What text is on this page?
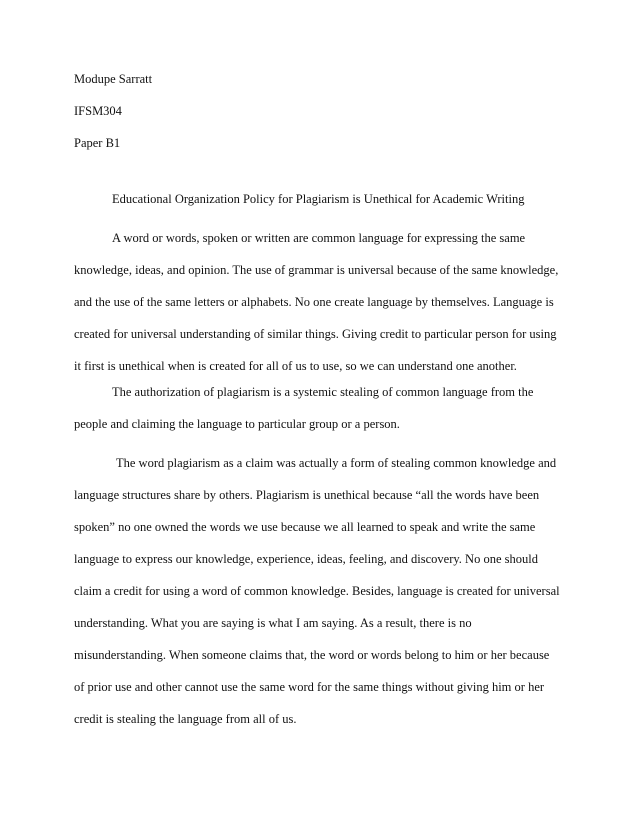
Modupe Sarratt
IFSM304
Paper B1
Educational Organization Policy for Plagiarism is Unethical for Academic Writing
A word or words, spoken or written are common language for expressing the same
knowledge, ideas, and opinion. The use of grammar is universal because of the same knowledge,
and the use of the same letters or alphabets. No one create language by themselves. Language is
created for universal understanding of similar things. Giving credit to particular person for using
it first is unethical when is created for all of us to use, so we can understand one another.
The authorization of plagiarism is a systemic stealing of common language from the
people and claiming the language to particular group or a person.
The word plagiarism as a claim was actually a form of stealing common knowledge and
language structures share by others. Plagiarism is unethical because “all the words have been
spoken” no one owned the words we use because we all learned to speak and write the same
language to express our knowledge, experience, ideas, feeling, and discovery. No one should
claim a credit for using a word of common knowledge. Besides, language is created for universal
understanding. What you are saying is what I am saying. As a result, there is no
misunderstanding. When someone claims that, the word or words belong to him or her because
of prior use and other cannot use the same word for the same things without giving him or her
credit is stealing the language from all of us.
